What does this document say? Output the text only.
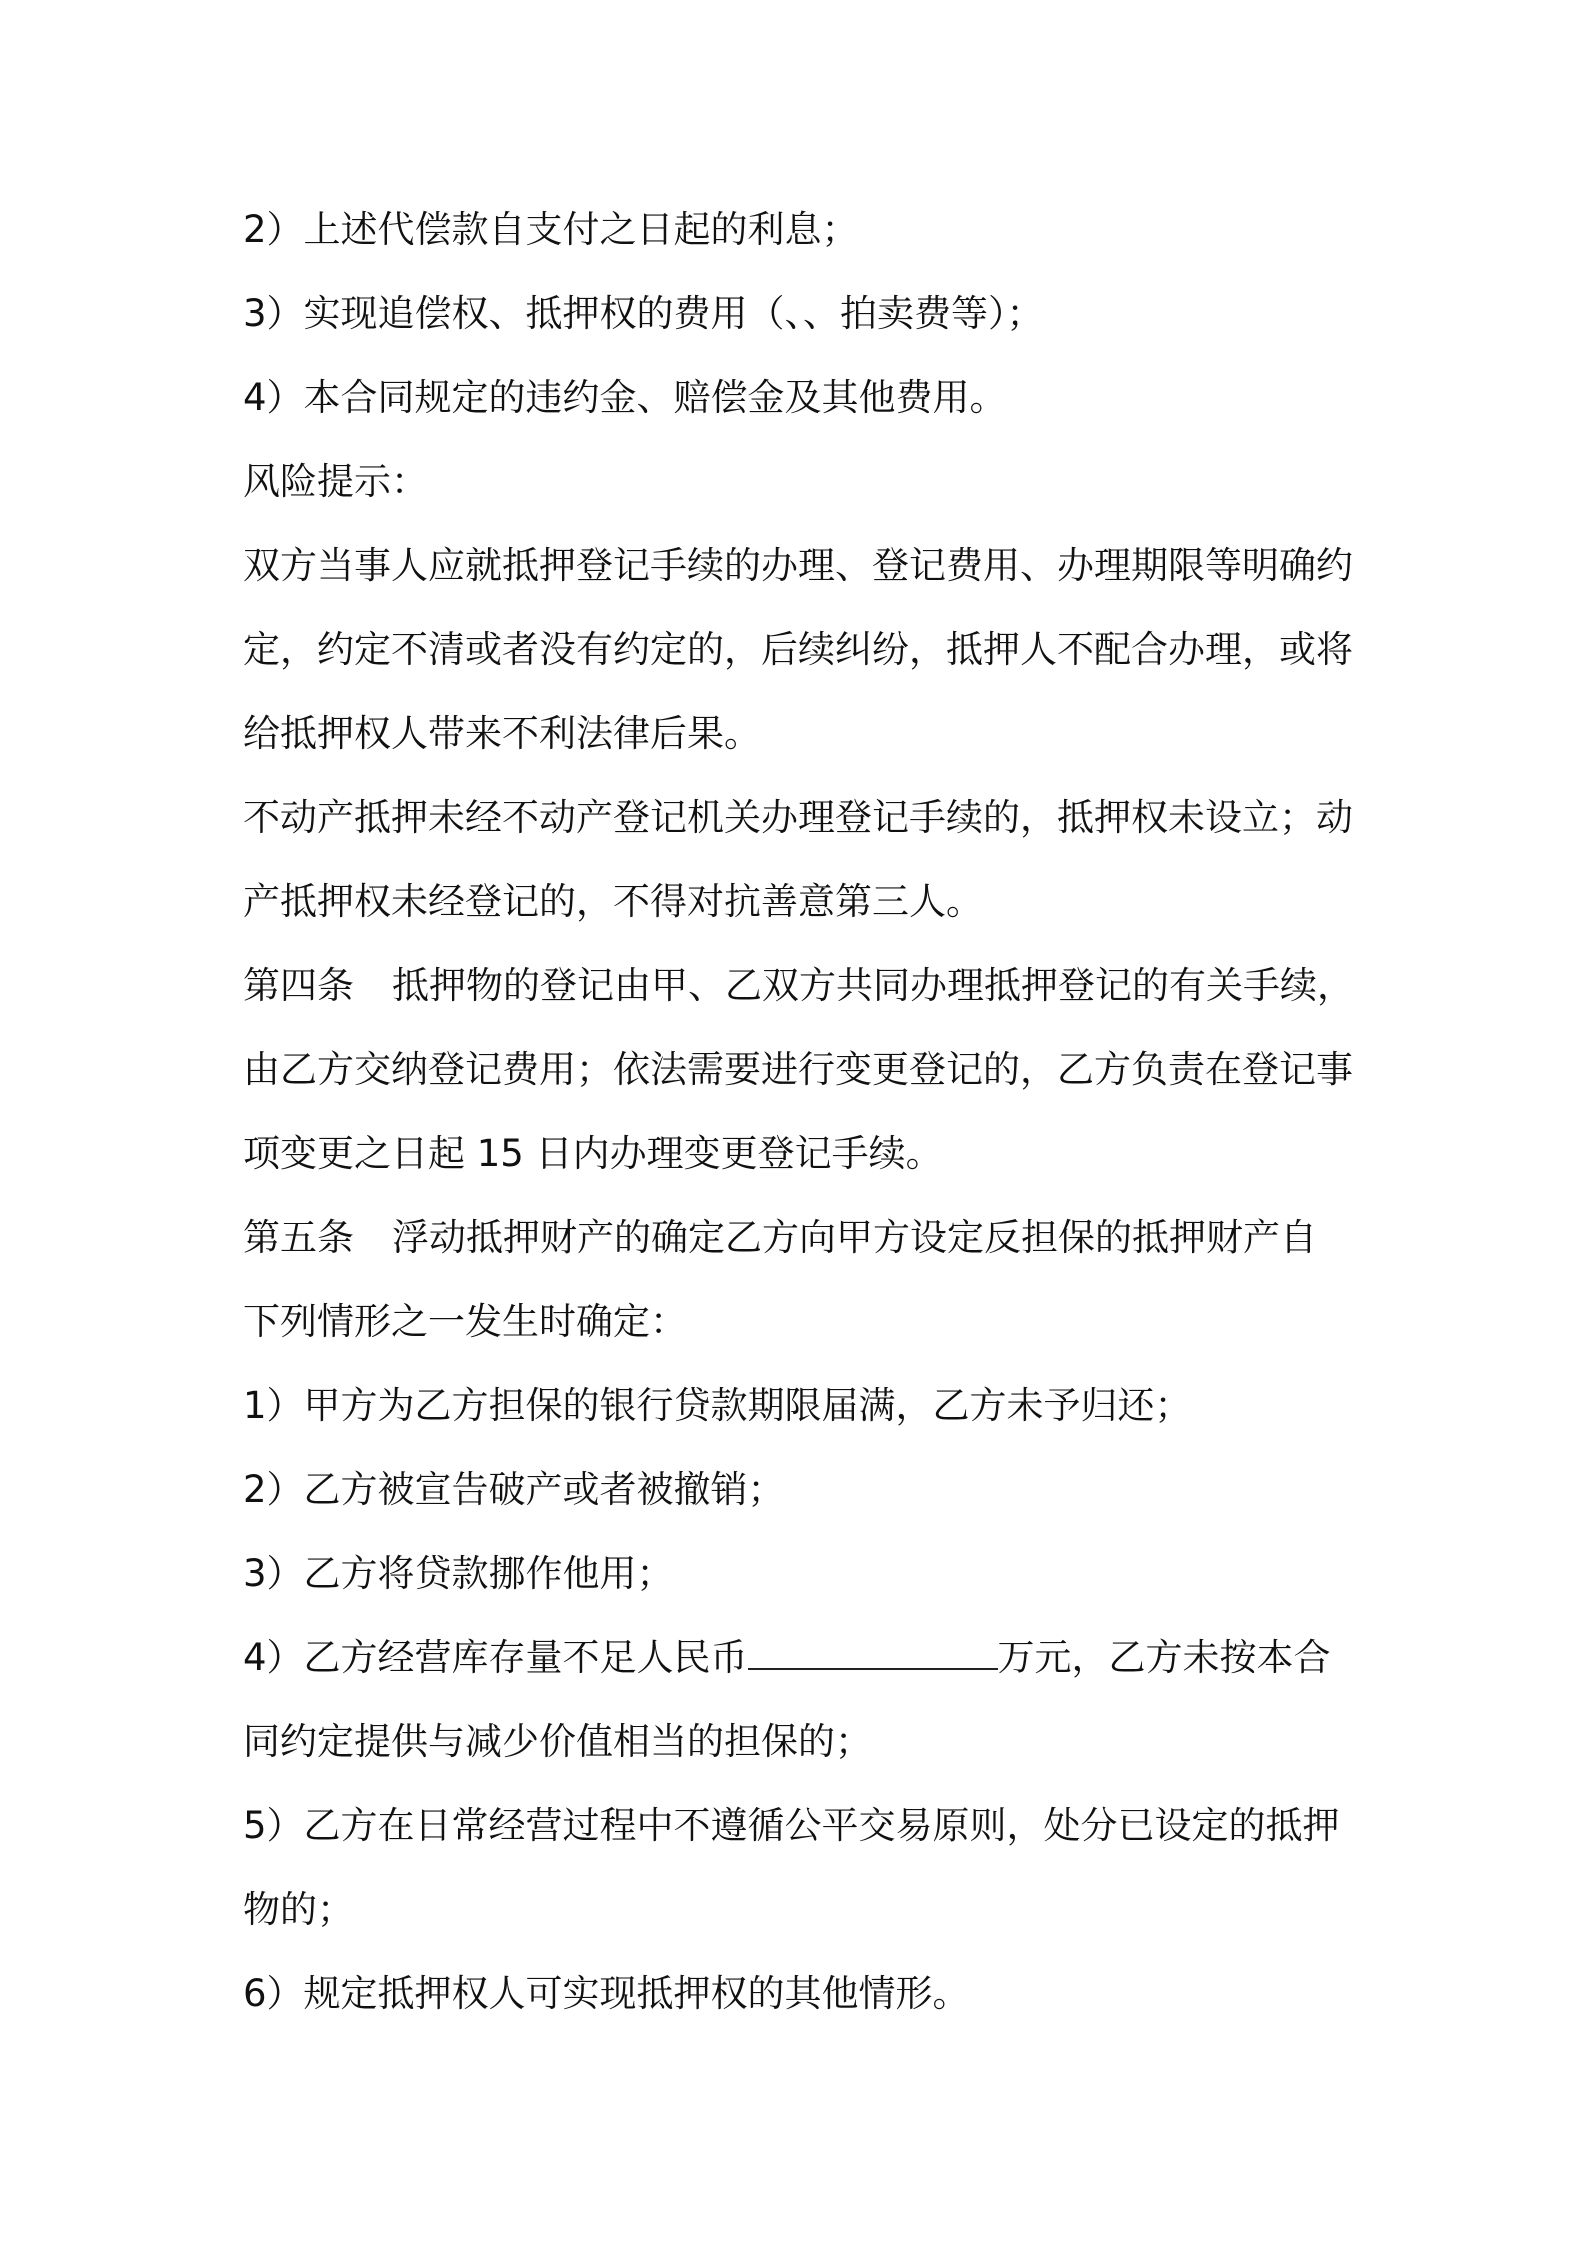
2）上述代偿款自支付之日起的利息；

3）实现追偿权、抵押权的费用（、、拍卖费等）；

4）本合同规定的违约金、赔偿金及其他费用。

风险提示：

双方当事人应就抵押登记手续的办理、登记费用、办理期限等明确约

定，约定不清或者没有约定的，后续纠纷，抵押人不配合办理，或将

给抵押权人带来不利法律后果。

不动产抵押未经不动产登记机关办理登记手续的，抵押权未设立；动

产抵押权未经登记的，不得对抗善意第三人。

第四条 抵押物的登记由甲、乙双方共同办理抵押登记的有关手续，

由乙方交纳登记费用；依法需要进行变更登记的，乙方负责在登记事

项变更之日起 15 日内办理变更登记手续。

第五条 浮动抵押财产的确定乙方向甲方设定反担保的抵押财产自

下列情形之一发生时确定：

1）甲方为乙方担保的银行贷款期限届满，乙方未予归还；

2）乙方被宣告破产或者被撤销；

3）乙方将贷款挪作他用；

4）乙方经营库存量不足人民币	万元，乙方未按本合

同约定提供与减少价值相当的担保的；

5）乙方在日常经营过程中不遵循公平交易原则，处分已设定的抵押

物的；

6）规定抵押权人可实现抵押权的其他情形。
